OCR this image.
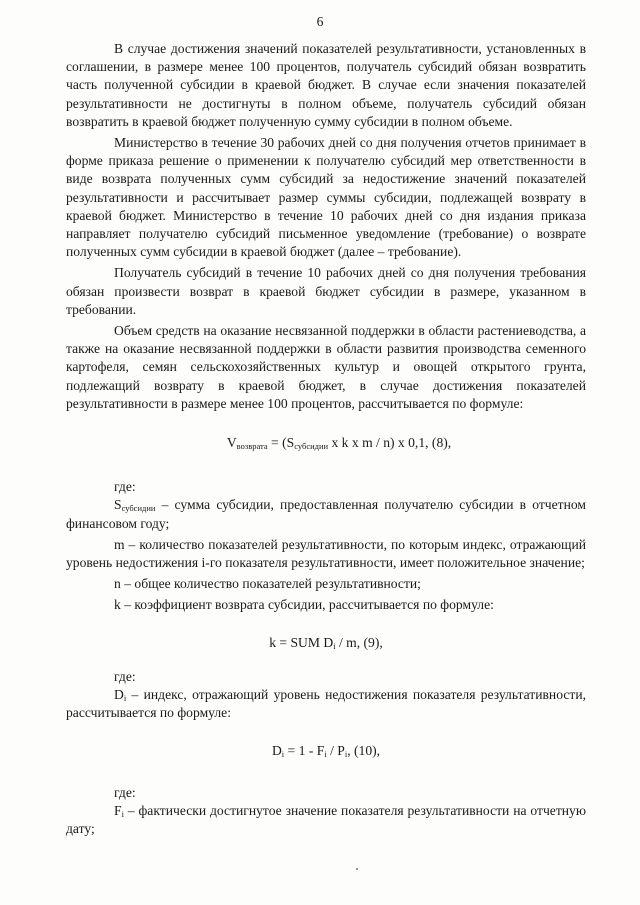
6

В случае достижения значений показателей результативности, установленных в соглашении, в размере менее 100 процентов, получатель субсидий обязан возвратить часть полученной субсидии в краевой бюджет. В случае если значения показателей результативности не достигнуты в полном объеме, получатель субсидий обязан возвратить в краевой бюджет полученную сумму субсидии в полном объеме.

Министерство в течение 30 рабочих дней со дня получения отчетов принимает в форме приказа решение о применении к получателю субсидий мер ответственности в виде возврата полученных сумм субсидий за недостижение значений показателей результативности и рассчитывает размер суммы субсидии, подлежащей возврату в краевой бюджет. Министерство в течение 10 рабочих дней со дня издания приказа направляет получателю субсидий письменное уведомление (требование) о возврате полученных сумм субсидии в краевой бюджет (далее – требование).

Получатель субсидий в течение 10 рабочих дней со дня получения требования обязан произвести возврат в краевой бюджет субсидии в размере, указанном в требовании.

Объем средств на оказание несвязанной поддержки в области растениеводства, а также на оказание несвязанной поддержки в области развития производства семенного картофеля, семян сельскохозяйственных культур и овощей открытого грунта, подлежащий возврату в краевой бюджет, в случае достижения показателей результативности в размере менее 100 процентов, рассчитывается по формуле:

$V_{возврата} = (S_{субсидии}$ x k x m / n) x 0,1, (8),

где:

$S_{субсидии}$ – сумма субсидии, предоставленная получателю субсидии в отчетном финансовом году;

m – количество показателей результативности, по которым индекс, отражающий уровень недостижения i-го показателя результативности, имеет положительное значение;

n – общее количество показателей результативности;

k – коэффициент возврата субсидии, рассчитывается по формуле:

k = SUM $D_i$ / m, (9),

где:

$D_i$ – индекс, отражающий уровень недостижения показателя результативности, рассчитывается по формуле:

$D_i = 1 - F_i / P_i$, (10),

где:

$F_i$ – фактически достигнутое значение показателя результативности на отчетную дату;
